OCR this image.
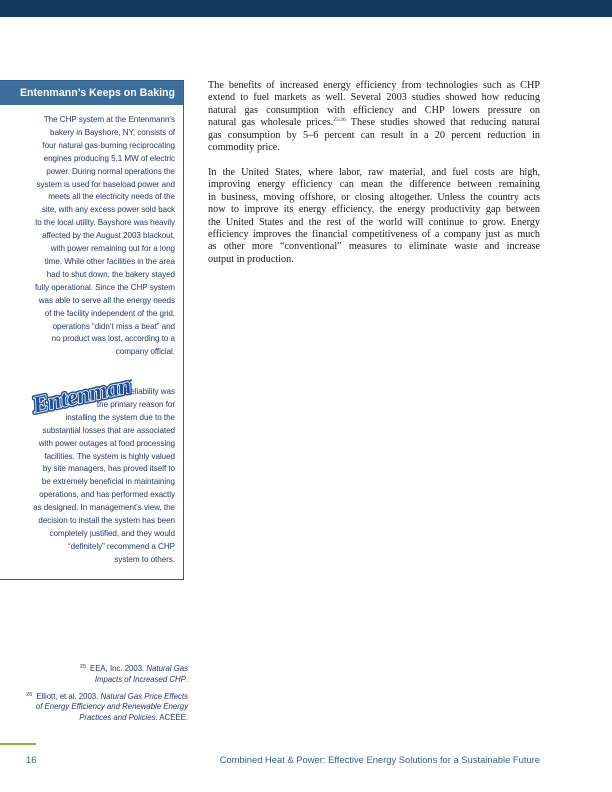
Entenmann’s Keeps on Baking
The CHP system at the Entenmann’s
bakery in Bayshore, NY, consists of
four natural gas-burning reciprocating
engines producing 5.1 MW of electric
power. During normal operations the
system is used for baseload power and
meets all the electricity needs of the
site, with any excess power sold back
to the local utility. Bayshore was heavily
affected by the August 2003 blackout,
with power remaining out for a long
time. While other facilities in the area
had to shut down, the bakery stayed
fully operational. Since the CHP system
was able to serve all the energy needs
of the facility independent of the grid,
operations “didn’t miss a beat” and
no product was lost, according to a
company official.
Entenmann’s
Entenmann’s
Entenmann’s
Reliability was
the primary reason for
installing the system due to the
substantial losses that are associated
with power outages at food processing
facilities. The system is highly valued
by site managers, has proved itself to
be extremely beneficial in maintaining
operations, and has performed exactly
as designed. In management’s view, the
decision to install the system has been
completely justified, and they would
“definitely” recommend a CHP
system to others.
The benefits of increased energy efficiency from technologies such as CHP
extend to fuel markets as well. Several 2003 studies showed how reducing
natural gas consumption with efficiency and CHP lowers pressure on
natural gas wholesale prices.$^{25/26}$ These studies showed that reducing natural
gas consumption by 5–6 percent can result in a 20 percent reduction in
commodity price.
In the United States, where labor, raw material, and fuel costs are high,
improving energy efficiency can mean the difference between remaining
in business, moving offshore, or closing altogether. Unless the country acts
now to improve its energy efficiency, the energy productivity gap between
the United States and the rest of the world will continue to grow. Energy
efficiency improves the financial competitiveness of a company just as much
as other more “conventional” measures to eliminate waste and increase
output in production.
$^{25}$ EEA, Inc. 2003. Natural Gas
Impacts of Increased CHP.
$^{26}$ Elliott, et al. 2003. Natural Gas Price Effects
of Energy Efficiency and Renewable Energy
Practices and Policies. ACEEE.
16	Combined Heat & Power: Effective Energy Solutions for a Sustainable Future
